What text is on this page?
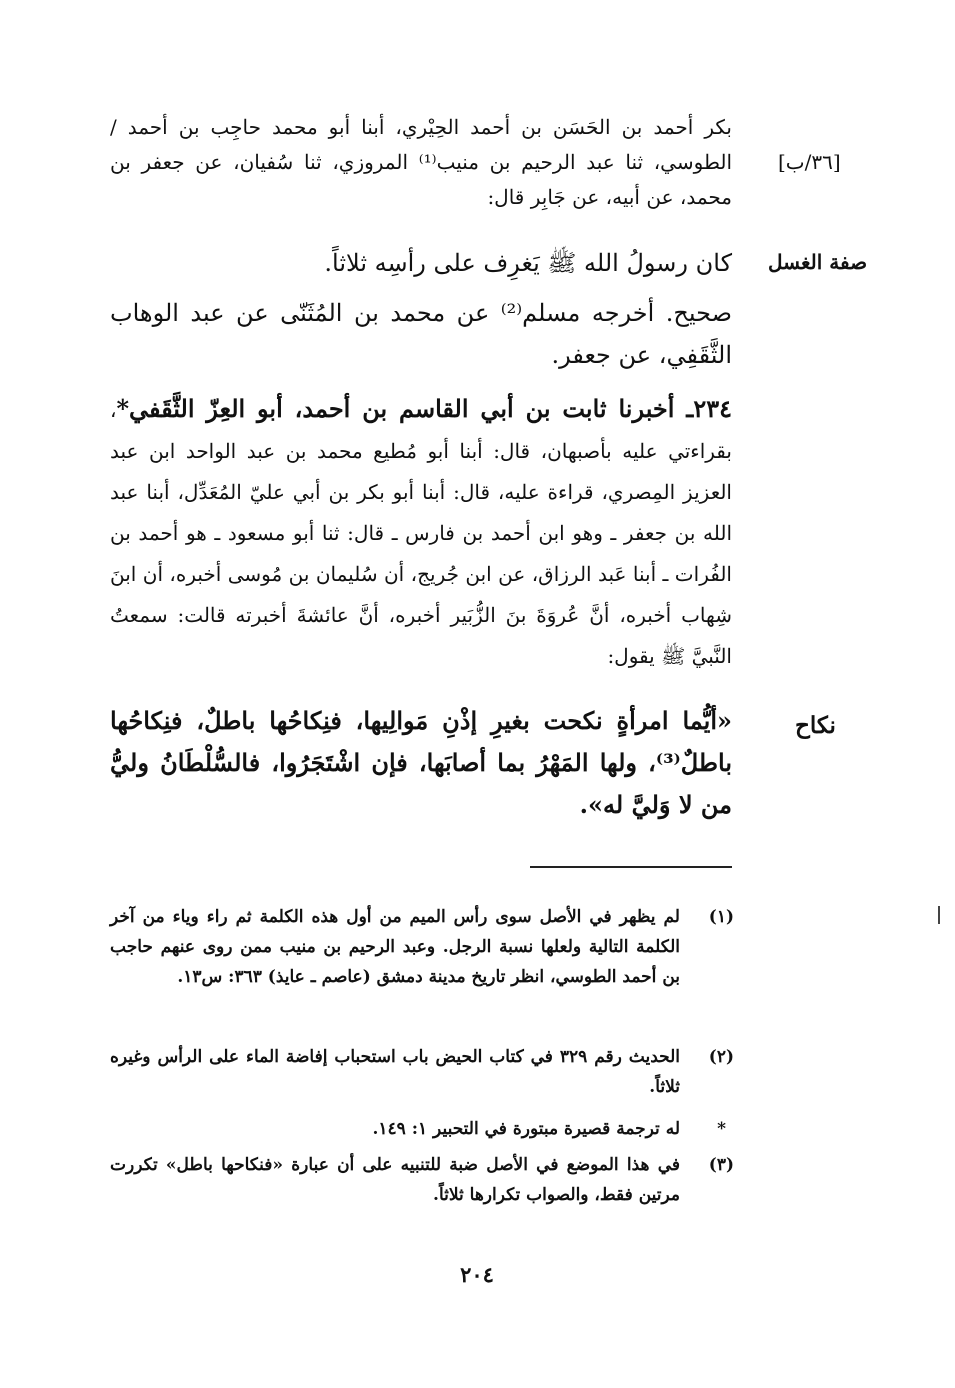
[٣٦/ب]
صفة الغسل
نكاح
بكر أحمد بن الحَسَن بن أحمد الحِيْري، أبنا أبو محمد حاجِب بن أحمد / الطوسي، ثنا عبد الرحيم بن منيب⁽¹⁾ المروزي، ثنا سُفيان، عن جعفر بن محمد، عن أبيه، عن جَابِر قال:
كان رسولُ الله ﷺ يَغرِف على رأسِه ثلاثاً.
صحيح. أخرجه مسلم⁽²⁾ عن محمد بن المُثَنّى عن عبد الوهاب الثَّقَفِي، عن جعفر.
٢٣٤ـ أخبرنا ثابت بن أبي القاسم بن أحمد، أبو العِزّ الثَّقَفي*، بقراءتي عليه بأصبهان، قال: أبنا أبو مُطيع محمد بن عبد الواحد ابن عبد العزيز المِصري، قراءة عليه، قال: أبنا أبو بكر بن أبي عليّ المُعَدِّل، أبنا عبد الله بن جعفر ـ وهو ابن أحمد بن فارس ـ قال: ثنا أبو مسعود ـ هو أحمد بن الفُرات ـ أبنا عَبد الرزاق، عن ابن جُريج، أن سُليمان بن مُوسى أخبره، أن ابنَ شِهاب أخبره، أنَّ عُروَةَ بنَ الزُّبَير أخبره، أنَّ عائشةَ أخبرته قالت: سمعتُ النَّبيَّ ﷺ يقول:
«أيُّما امرأةٍ نكحت بغيرِ إذْنِ مَوالِيها، فنِكاحُها باطلٌ، فنِكاحُها باطلٌ⁽³⁾، ولها المَهْرُ بما أصابَها، فإن اشْتَجَرُوا، فالسُّلْطَانُ وليُّ من لا وَليَّ له».
(١)
لم يظهر في الأصل سوى رأس الميم من أول هذه الكلمة ثم راء وياء من آخر الكلمة التالية ولعلها نسبة الرجل. وعبد الرحيم بن منيب ممن روى عنهم حاجب بن أحمد الطوسي، انظر تاريخ مدينة دمشق (عاصم ـ عايذ) ٣٦٣: س١٣.
(٢)
الحديث رقم ٣٢٩ في كتاب الحيض باب استحباب إفاضة الماء على الرأس وغيره ثلاثاً.
*
له ترجمة قصيرة مبتورة في التحبير ١: ١٤٩.
(٣)
في هذا الموضع في الأصل ضبة للتنبيه على أن عبارة «فنكاحها باطل» تكررت مرتين فقط، والصواب تكرارها ثلاثاً.
٢٠٤
